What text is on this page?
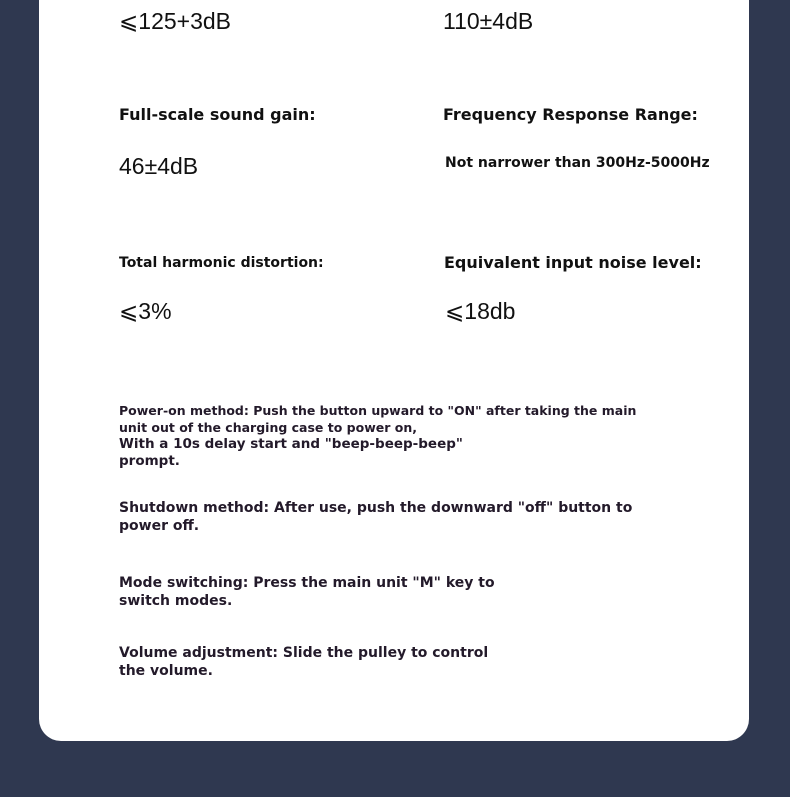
⩽125+3dB	110±4dB
Full-scale sound gain:	Frequency Response Range:
46±4dB	Not narrower than 300Hz-5000Hz
Total harmonic distortion:	Equivalent input noise level:
⩽3%	⩽18db
Power-on method: Push the button upward to "ON" after taking the main
unit out of the charging case to power on,
With a 10s delay start and "beep-beep-beep"
prompt.
Shutdown method: After use, push the downward "off" button to
power off.
Mode switching: Press the main unit "M" key to
switch modes.
Volume adjustment: Slide the pulley to control
the volume.
